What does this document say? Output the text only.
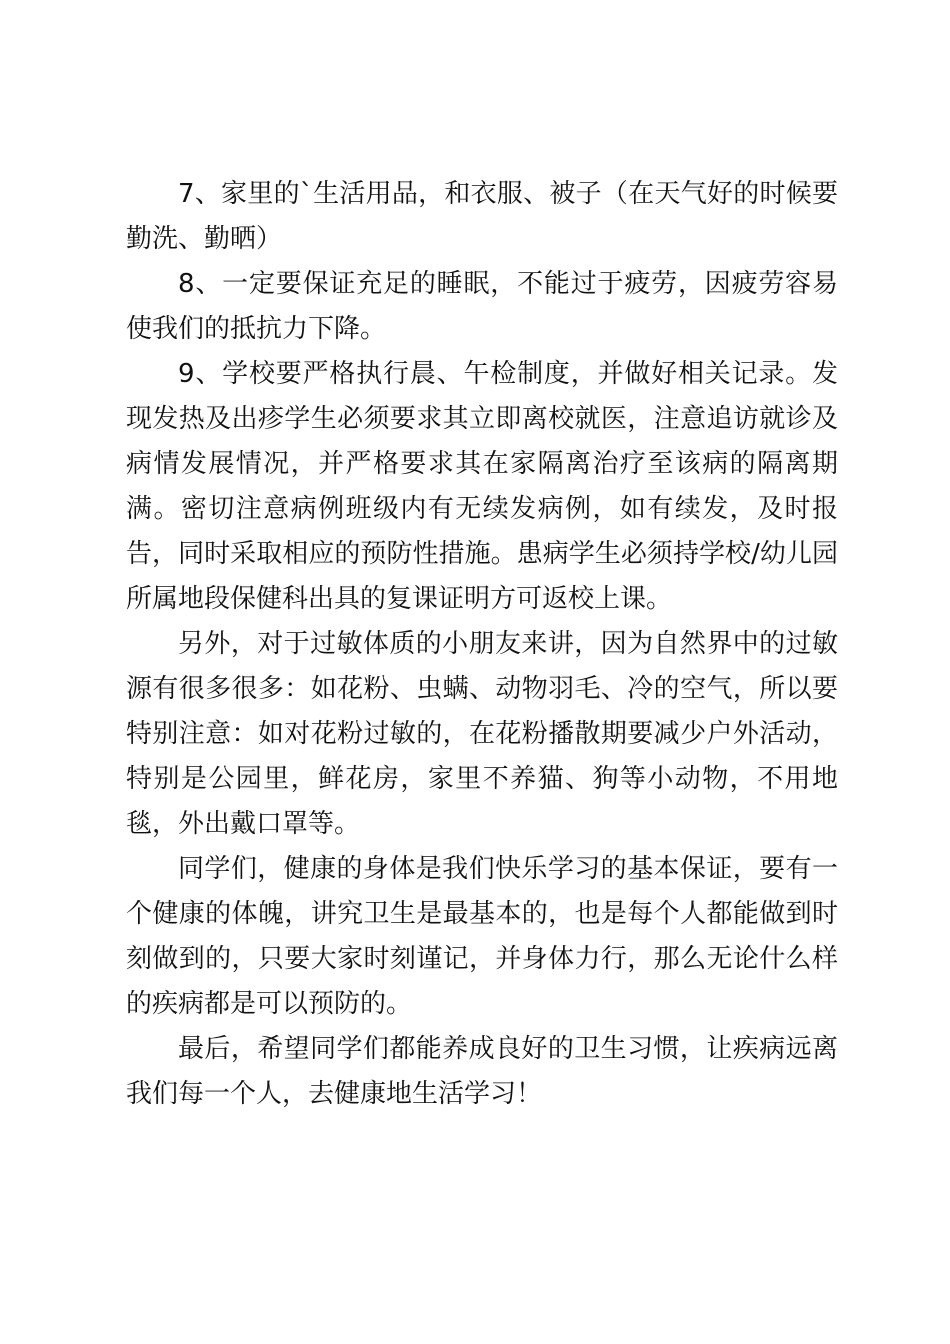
7、家里的`生活用品，和衣服、被子（在天气好的时候要勤洗、勤晒）

8、一定要保证充足的睡眠，不能过于疲劳，因疲劳容易使我们的抵抗力下降。

9、学校要严格执行晨、午检制度，并做好相关记录。发现发热及出疹学生必须要求其立即离校就医，注意追访就诊及病情发展情况，并严格要求其在家隔离治疗至该病的隔离期满。密切注意病例班级内有无续发病例，如有续发，及时报告，同时采取相应的预防性措施。患病学生必须持学校/幼儿园所属地段保健科出具的复课证明方可返校上课。

另外，对于过敏体质的小朋友来讲，因为自然界中的过敏源有很多很多：如花粉、虫螨、动物羽毛、冷的空气，所以要特别注意：如对花粉过敏的，在花粉播散期要减少户外活动，特别是公园里，鲜花房，家里不养猫、狗等小动物，不用地毯，外出戴口罩等。

同学们，健康的身体是我们快乐学习的基本保证，要有一个健康的体魄，讲究卫生是最基本的，也是每个人都能做到时刻做到的，只要大家时刻谨记，并身体力行，那么无论什么样的疾病都是可以预防的。

最后，希望同学们都能养成良好的卫生习惯，让疾病远离我们每一个人，去健康地生活学习！
